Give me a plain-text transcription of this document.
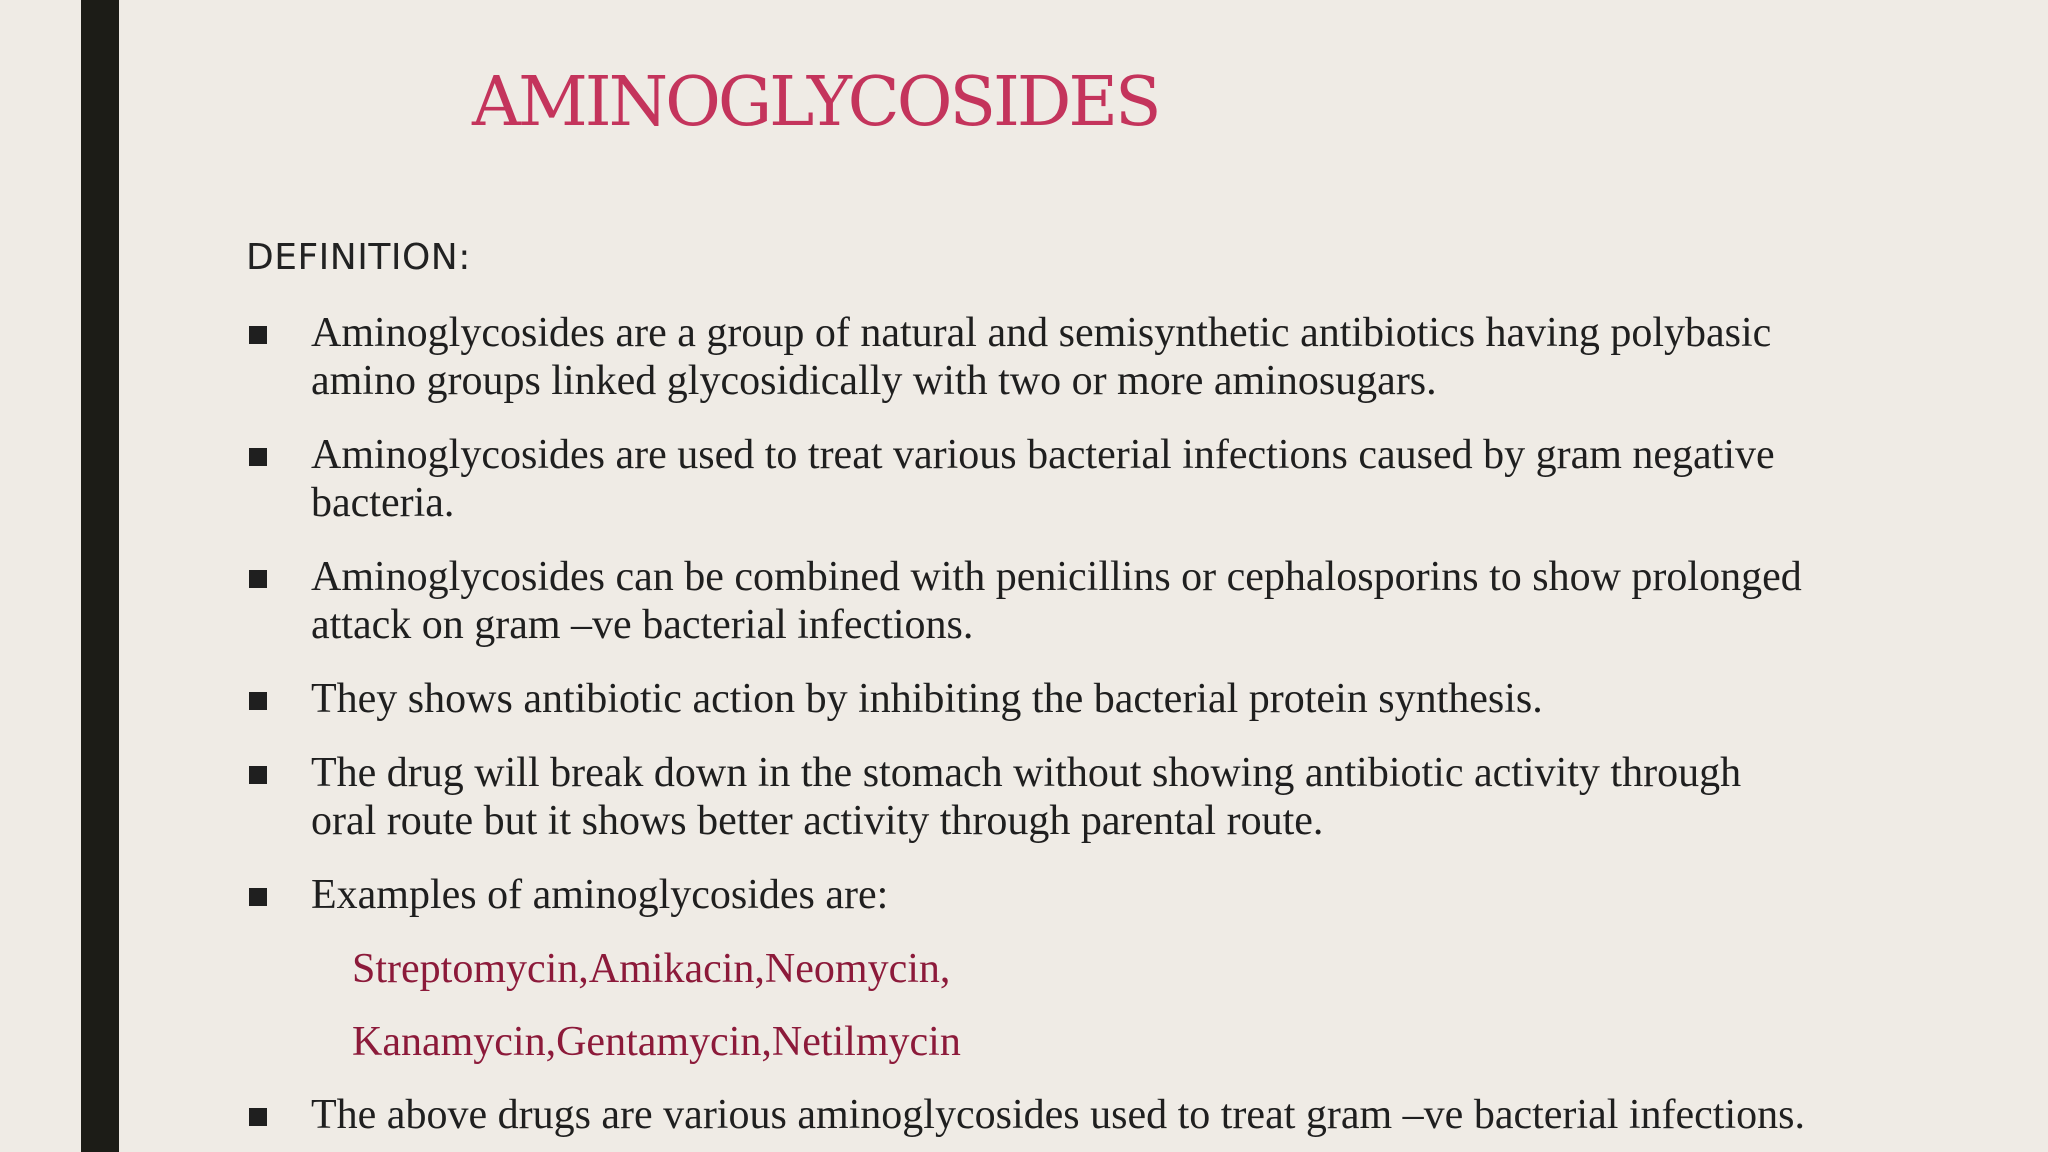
AMINOGLYCOSIDES
DEFINITION:
Aminoglycosides are a group of natural and semisynthetic antibiotics having polybasic
amino groups linked glycosidically with two or more aminosugars.
Aminoglycosides are used to treat various bacterial infections caused by gram negative
bacteria.
Aminoglycosides can be combined with penicillins or cephalosporins to show prolonged
attack on gram –ve bacterial infections.
They shows antibiotic action by inhibiting the bacterial protein synthesis.
The drug will break down in the stomach without showing antibiotic activity through
oral route but it shows better activity through parental route.
Examples of aminoglycosides are:
The above drugs are various aminoglycosides used to treat gram –ve bacterial infections.
Streptomycin,Amikacin,Neomycin,
Kanamycin,Gentamycin,Netilmycin
